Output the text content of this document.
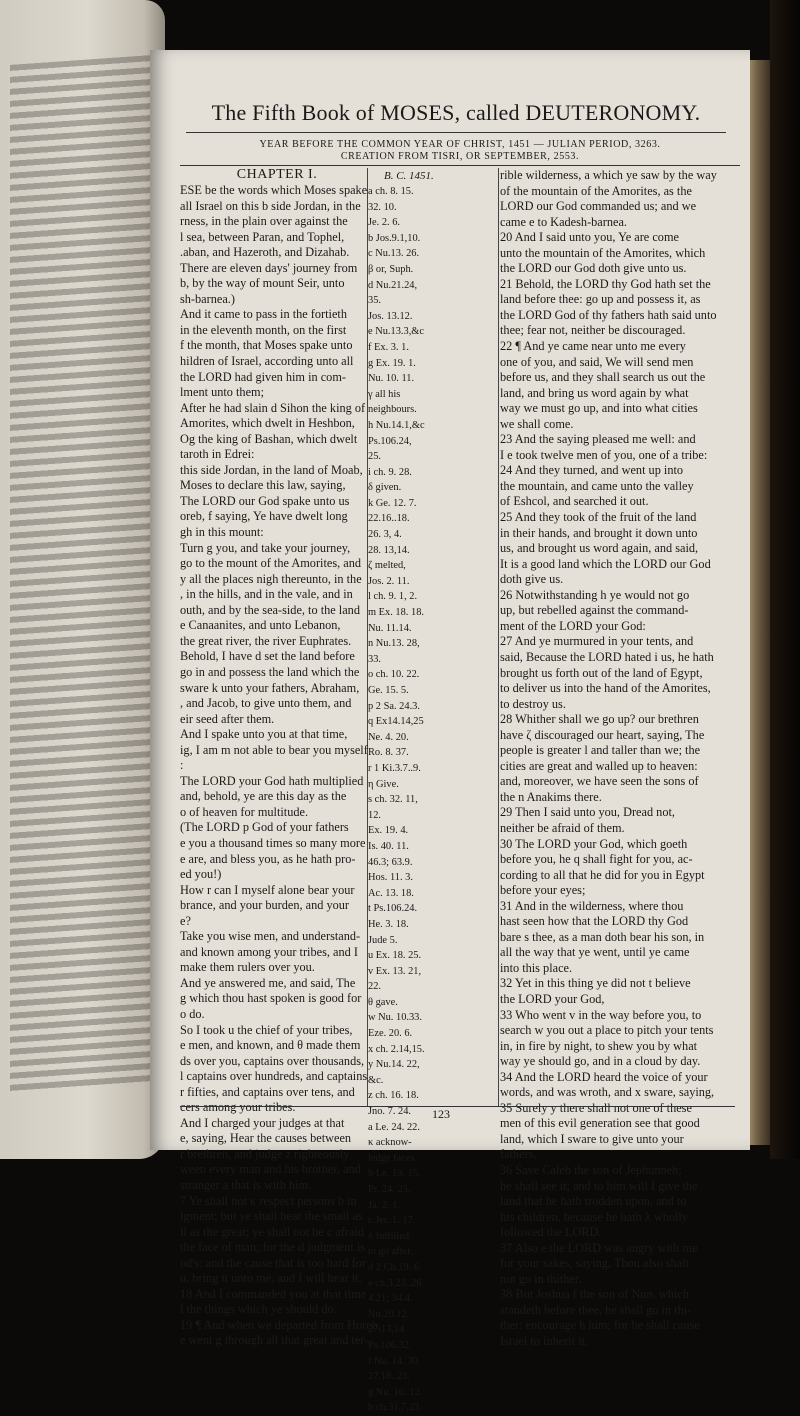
The Fifth Book of MOSES, called DEUTERONOMY.
YEAR BEFORE THE COMMON YEAR OF CHRIST, 1451 — JULIAN PERIOD, 3263.
CREATION FROM TISRI, OR SEPTEMBER, 2553.
CHAPTER I.
ESE be the words which Moses spake
all Israel on this b side Jordan, in the
rness, in the plain over against the
l sea, between Paran, and Tophel,
.aban, and Hazeroth, and Dizahab.
There are eleven days' journey from
b, by the way of mount Seir, unto
sh-barnea.)
And it came to pass in the fortieth
in the eleventh month, on the first
f the month, that Moses spake unto
hildren of Israel, according unto all
the LORD had given him in com-
lment unto them;
After he had slain d Sihon the king of
Amorites, which dwelt in Heshbon,
Og the king of Bashan, which dwelt
taroth in Edrei:
this side Jordan, in the land of Moab,
Moses to declare this law, saying,
The LORD our God spake unto us
oreb, f saying, Ye have dwelt long
gh in this mount:
Turn g you, and take your journey,
go to the mount of the Amorites, and
y all the places nigh thereunto, in the
, in the hills, and in the vale, and in
outh, and by the sea-side, to the land
e Canaanites, and unto Lebanon,
the great river, the river Euphrates.
Behold, I have d set the land before
go in and possess the land which the
sware k unto your fathers, Abraham,
, and Jacob, to give unto them, and
eir seed after them.
And I spake unto you at that time,
ig, I am m not able to bear you myself
:
The LORD your God hath multiplied
and, behold, ye are this day as the
o of heaven for multitude.
(The LORD p God of your fathers
e you a thousand times so many more
e are, and bless you, as he hath pro-
ed you!)
How r can I myself alone bear your
brance, and your burden, and your
e?
Take you wise men, and understand-
and known among your tribes, and I
make them rulers over you.
And ye answered me, and said, The
g which thou hast spoken is good for
o do.
So I took u the chief of your tribes,
e men, and known, and θ made them
ds over you, captains over thousands,
l captains over hundreds, and captains
r fifties, and captains over tens, and
cers among your tribes.
And I charged your judges at that
e, saying, Hear the causes between
r brethren, and judge z righteously
ween every man and his brother, and
stranger a that is with him.
7 Ye shall not κ respect persons b in
lgment; but ye shall hear the small as
ll as the great; ye shall not be c afraid
the face of man; for the d judgment is
od's: and the cause that is too hard for
u, bring it unto me, and I will hear it.
18 And I commanded you at that time
l the things which ye should do.
19 ¶ And when we departed from Horeb,
e went g through all that great and ter-
B. C. 1451.
a ch. 8. 15.
32. 10.
Je. 2. 6.
b Jos.9.1,10.
c Nu.13. 26.
β or, Suph.
d Nu.21.24,
35.
Jos. 13.12.
e Nu.13.3,&c
f Ex. 3. 1.
g Ex. 19. 1.
Nu. 10. 11.
γ all his
neighbours.
h Nu.14.1,&c
Ps.106.24,
25.
i ch. 9. 28.
δ given.
k Ge. 12. 7.
22.16..18.
26. 3, 4.
28. 13,14.
ζ melted,
Jos. 2. 11.
l ch. 9. 1, 2.
m Ex. 18. 18.
Nu. 11.14.
n Nu.13. 28,
33.
o ch. 10. 22.
Ge. 15. 5.
p 2 Sa. 24.3.
q Ex14.14,25
Ne. 4. 20.
Ro. 8. 37.
r 1 Ki.3.7..9.
η Give.
s ch. 32. 11,
12.
Ex. 19. 4.
Is. 40. 11.
46.3; 63.9.
Hos. 11. 3.
Ac. 13. 18.
t Ps.106.24.
He. 3. 18.
Jude 5.
u Ex. 18. 25.
v Ex. 13. 21,
22.
θ gave.
w Nu. 10.33.
Eze. 20. 6.
x ch. 2.14,15.
y Nu.14. 22,
&c.
z ch. 16. 18.
Jno. 7. 24.
a Le. 24. 22.
κ acknow-
ledge faces.
b Le. 19. 15.
Pr. 24. 23.
Ja. 2. 1.
c Jer. 1. 17.
λ fulfilled
to go after.
d 2 Ch.19. 6.
e ch.3.23..26.
4.21; 34.4.
Nu.20.12.
27.13,14.
Ps.106.32.
f Nu. 14. 30.
27.18..23.
g Nu. 10. 12.
h ch.31.7,23.
rible wilderness, a which ye saw by the way
of the mountain of the Amorites, as the
LORD our God commanded us; and we
came e to Kadesh-barnea.
20 And I said unto you, Ye are come
unto the mountain of the Amorites, which
the LORD our God doth give unto us.
21 Behold, the LORD thy God hath set the
land before thee: go up and possess it, as
the LORD God of thy fathers hath said unto
thee; fear not, neither be discouraged.
22 ¶ And ye came near unto me every
one of you, and said, We will send men
before us, and they shall search us out the
land, and bring us word again by what
way we must go up, and into what cities
we shall come.
23 And the saying pleased me well: and
I e took twelve men of you, one of a tribe:
24 And they turned, and went up into
the mountain, and came unto the valley
of Eshcol, and searched it out.
25 And they took of the fruit of the land
in their hands, and brought it down unto
us, and brought us word again, and said,
It is a good land which the LORD our God
doth give us.
26 Notwithstanding h ye would not go
up, but rebelled against the command-
ment of the LORD your God:
27 And ye murmured in your tents, and
said, Because the LORD hated i us, he hath
brought us forth out of the land of Egypt,
to deliver us into the hand of the Amorites,
to destroy us.
28 Whither shall we go up? our brethren
have ζ discouraged our heart, saying, The
people is greater l and taller than we; the
cities are great and walled up to heaven:
and, moreover, we have seen the sons of
the n Anakims there.
29 Then I said unto you, Dread not,
neither be afraid of them.
30 The LORD your God, which goeth
before you, he q shall fight for you, ac-
cording to all that he did for you in Egypt
before your eyes;
31 And in the wilderness, where thou
hast seen how that the LORD thy God
bare s thee, as a man doth bear his son, in
all the way that ye went, until ye came
into this place.
32 Yet in this thing ye did not t believe
the LORD your God,
33 Who went v in the way before you, to
search w you out a place to pitch your tents
in, in fire by night, to shew you by what
way ye should go, and in a cloud by day.
34 And the LORD heard the voice of your
words, and was wroth, and x sware, saying,
35 Surely y there shall not one of these
men of this evil generation see that good
land, which I sware to give unto your
fathers,
36 Save Caleb the son of Jephunneh;
he shall see it; and to him will I give the
land that he hath trodden upon, and to
his children, because he hath λ wholly
followed the LORD.
37 Also e the LORD was angry with me
for your sakes, saying, Thou also shalt
not go in thither.
38 But Joshua f the son of Nun, which
standeth before thee, he shall go in thi-
ther: encourage h him; for he shall cause
Israel to inherit it.
123
